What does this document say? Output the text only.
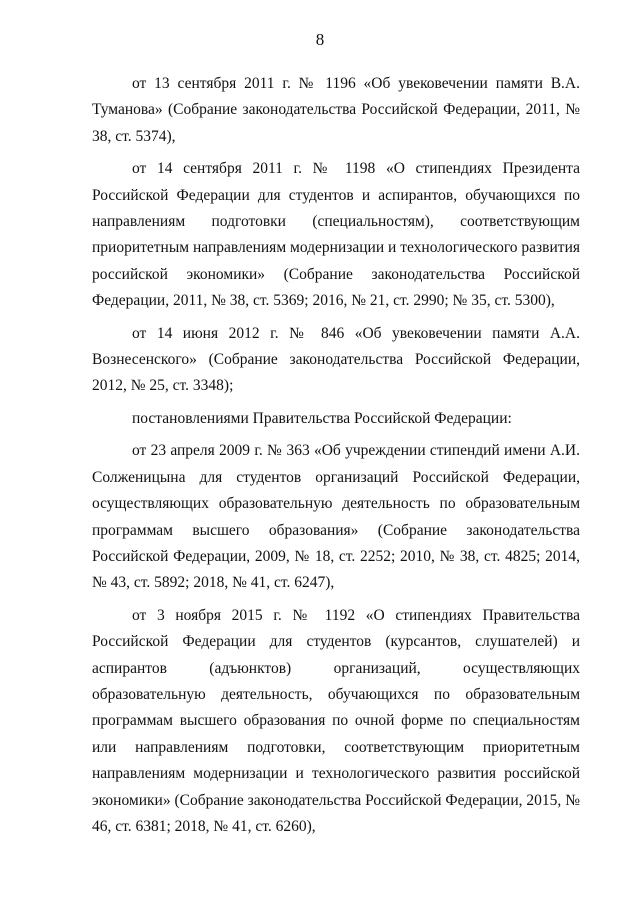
8

от 13 сентября 2011 г. № 1196 «Об увековечении памяти В.А. Туманова» (Собрание законодательства Российской Федерации, 2011, № 38, ст. 5374),

от 14 сентября 2011 г. № 1198 «О стипендиях Президента Российской Федерации для студентов и аспирантов, обучающихся по направлениям подготовки (специальностям), соответствующим приоритетным направлениям модернизации и технологического развития российской экономики» (Собрание законодательства Российской Федерации, 2011, № 38, ст. 5369; 2016, № 21, ст. 2990; № 35, ст. 5300),

от 14 июня 2012 г. № 846 «Об увековечении памяти А.А. Вознесенского» (Собрание законодательства Российской Федерации, 2012, № 25, ст. 3348);

постановлениями Правительства Российской Федерации:

от 23 апреля 2009 г. № 363 «Об учреждении стипендий имени А.И. Солженицына для студентов организаций Российской Федерации, осуществляющих образовательную деятельность по образовательным программам высшего образования» (Собрание законодательства Российской Федерации, 2009, № 18, ст. 2252; 2010, № 38, ст. 4825; 2014, № 43, ст. 5892; 2018, № 41, ст. 6247),

от 3 ноября 2015 г. № 1192 «О стипендиях Правительства Российской Федерации для студентов (курсантов, слушателей) и аспирантов (адъюнктов) организаций, осуществляющих образовательную деятельность, обучающихся по образовательным программам высшего образования по очной форме по специальностям или направлениям подготовки, соответствующим приоритетным направлениям модернизации и технологического развития российской экономики» (Собрание законодательства Российской Федерации, 2015, № 46, ст. 6381; 2018, № 41, ст. 6260),
